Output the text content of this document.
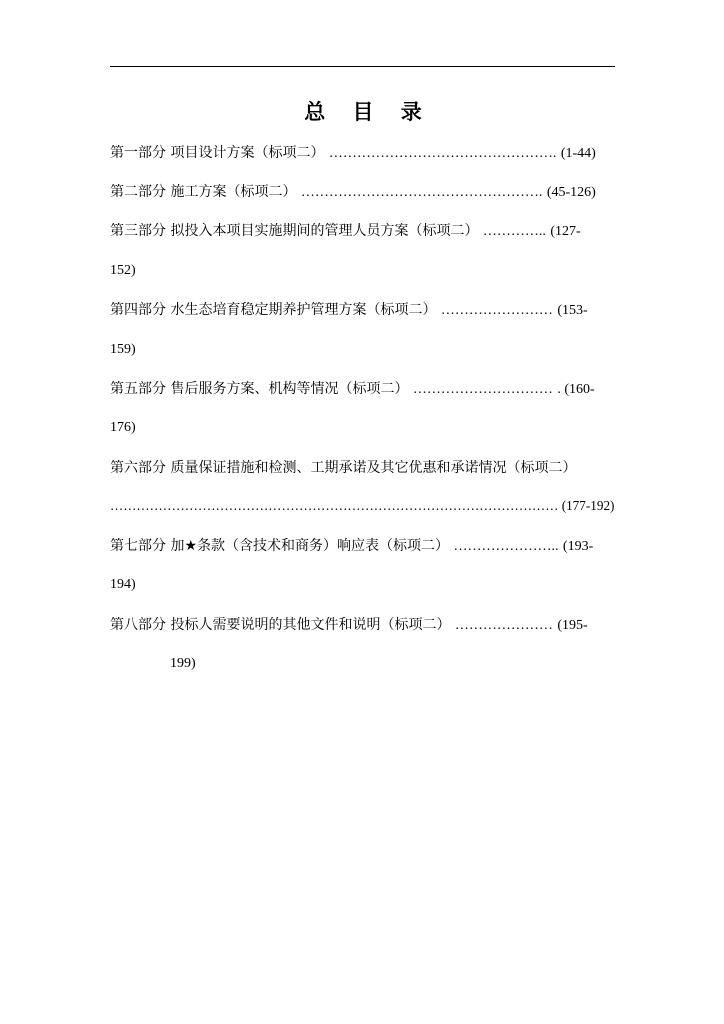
总 目 录
第一部分 项目设计方案（标项二） …………………………………………. (1-44)
第二部分 施工方案（标项二） ……………………………………………. (45-126)
第三部分 拟投入本项目实施期间的管理人员方案（标项二） ………….. (127-
152)
第四部分 水生态培育稳定期养护管理方案（标项二） …………………… (153-
159)
第五部分 售后服务方案、机构等情况（标项二） ………………………… . (160-
176)
第六部分 质量保证措施和检测、工期承诺及其它优惠和承诺情况（标项二）
………………………………………………………………………………………… (177-192)
第七部分 加★条款（含技术和商务）响应表（标项二） ………………….. (193-
194)
第八部分 投标人需要说明的其他文件和说明（标项二） ………………… (195-
199)
